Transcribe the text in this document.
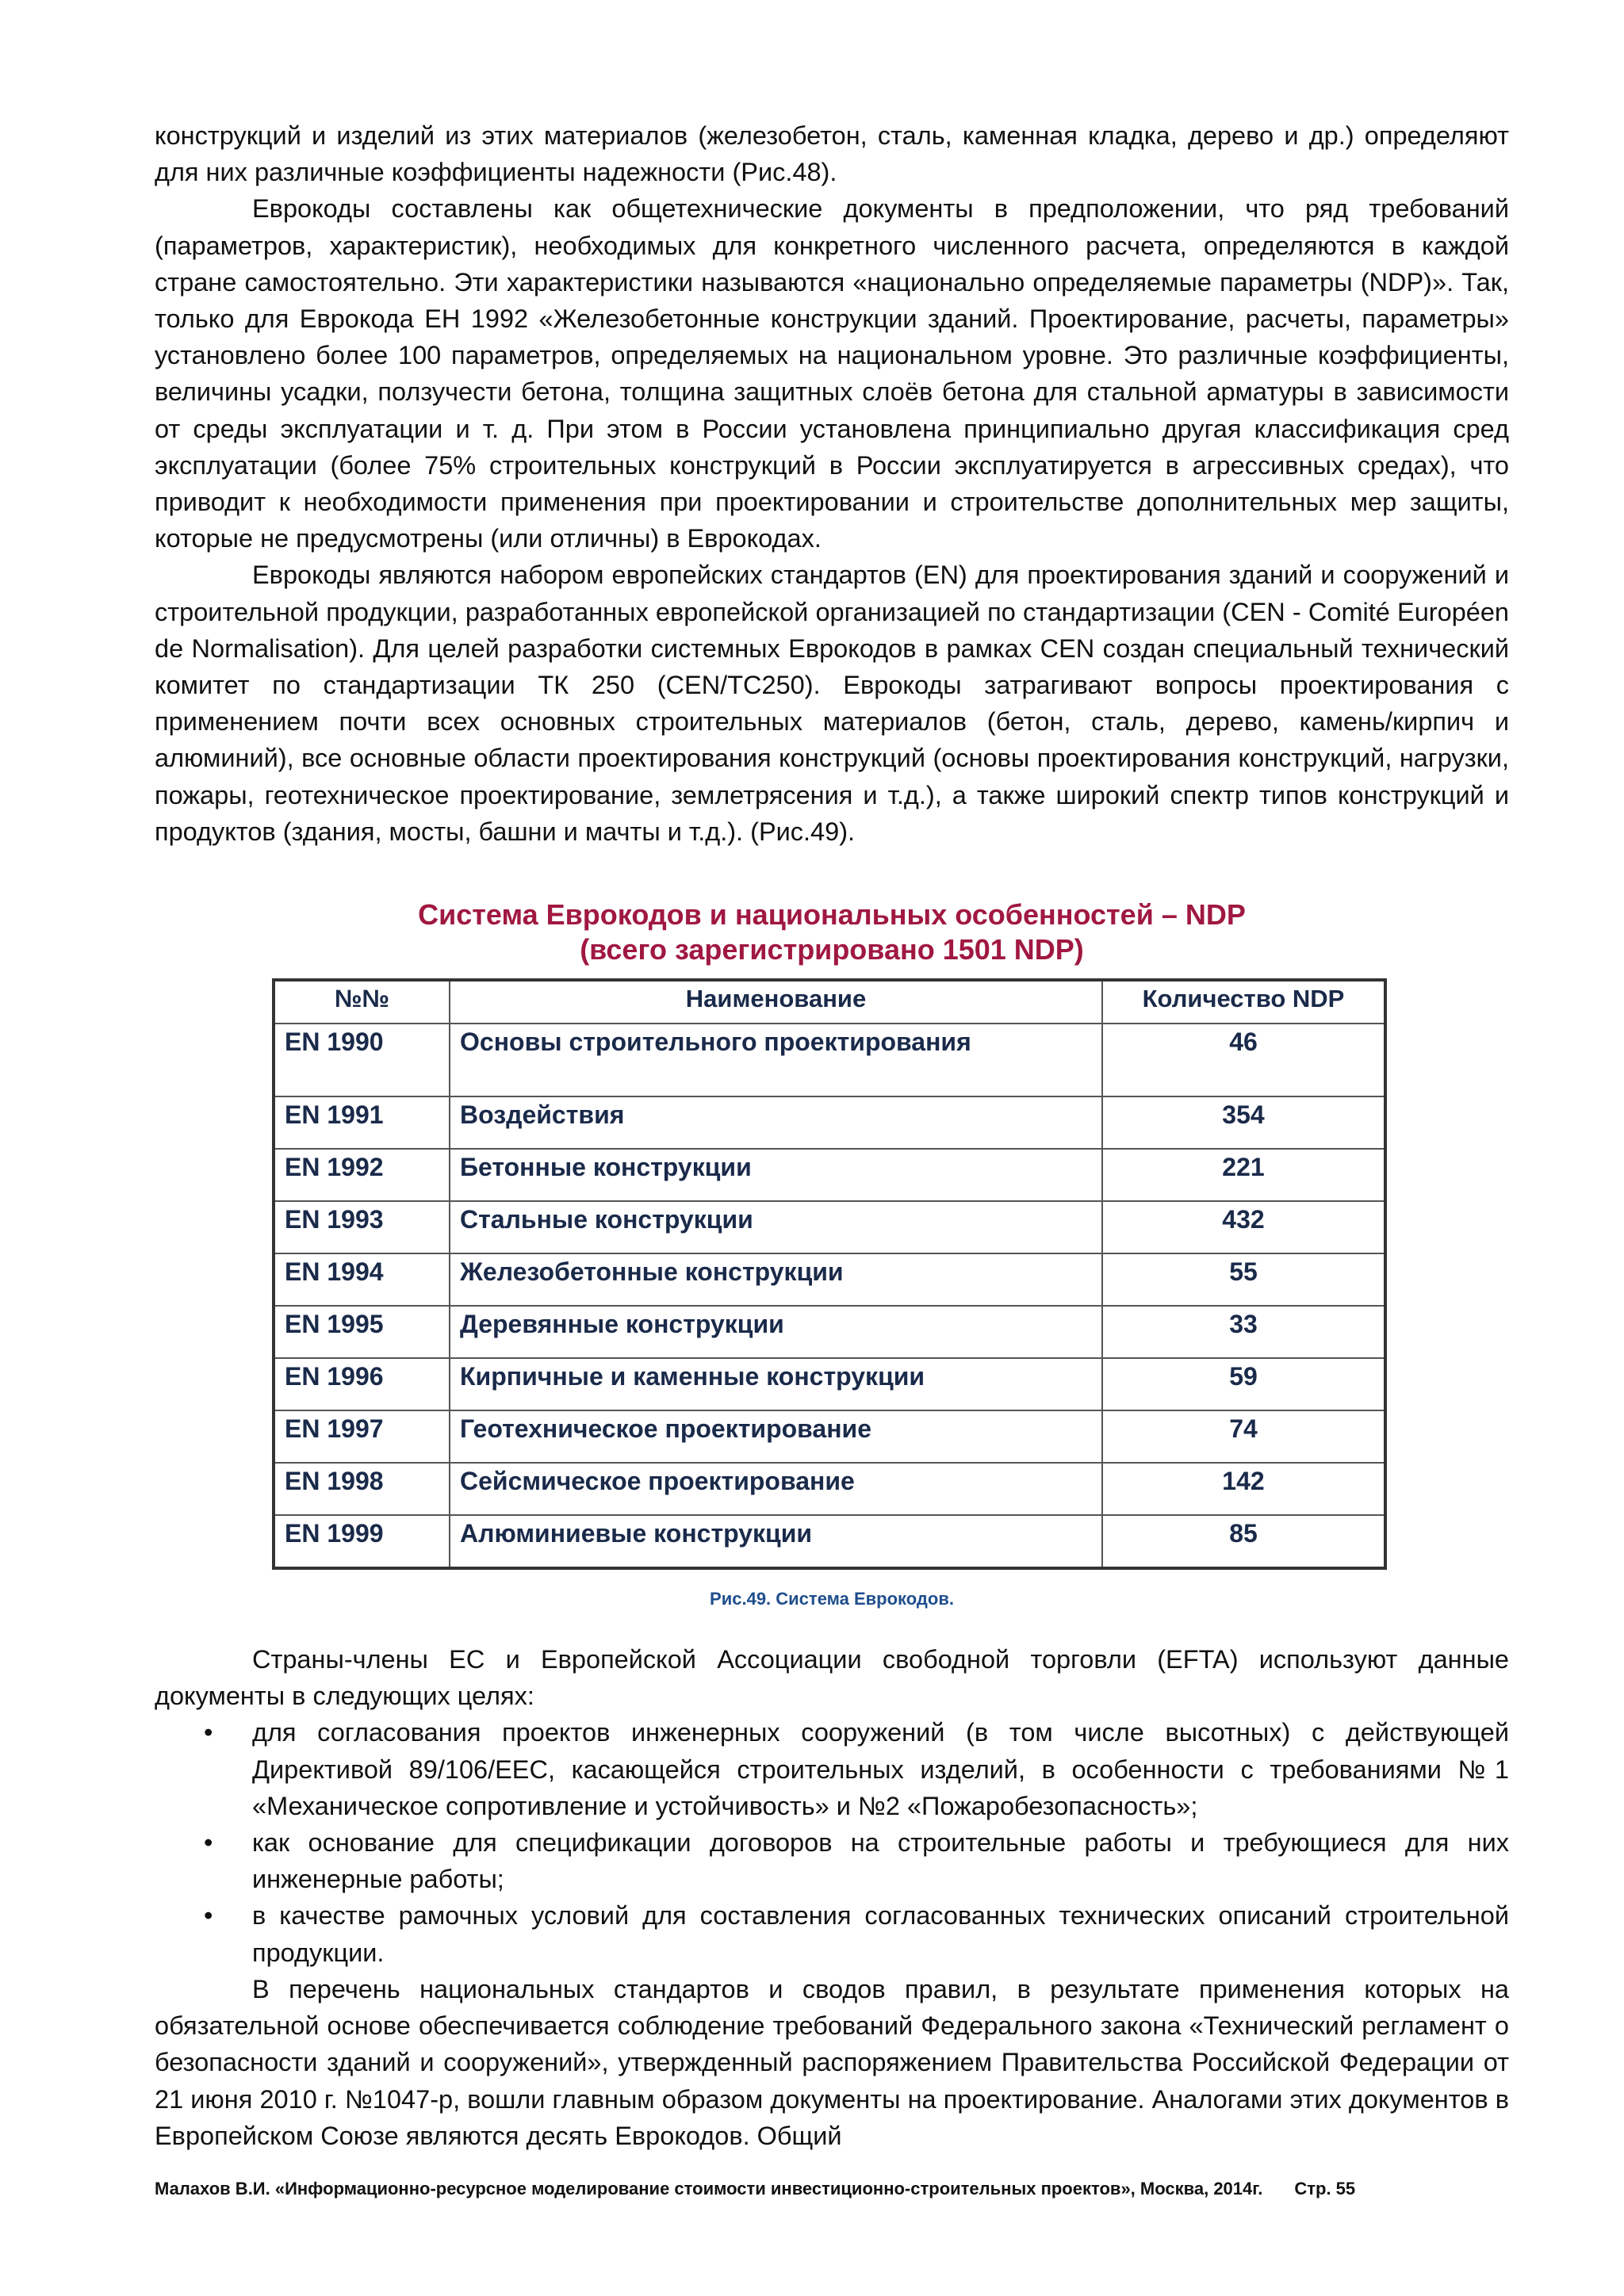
конструкций и изделий из этих материалов (железобетон, сталь, каменная кладка, дерево и др.) определяют для них различные коэффициенты надежности (Рис.48).

Еврокоды составлены как общетехнические документы в предположении, что ряд требований (параметров, характеристик), необходимых для конкретного численного расчета, определяются в каждой стране самостоятельно. Эти характеристики называются «национально определяемые параметры (NDP)». Так, только для Еврокода ЕН 1992 «Железобетонные конструкции зданий. Проектирование, расчеты, параметры» установлено более 100 параметров, определяемых на национальном уровне. Это различные коэффициенты, величины усадки, ползучести бетона, толщина защитных слоёв бетона для стальной арматуры в зависимости от среды эксплуатации и т. д. При этом в России установлена принципиально другая классификация сред эксплуатации (более 75% строительных конструкций в России эксплуатируется в агрессивных средах), что приводит к необходимости применения при проектировании и строительстве дополнительных мер защиты, которые не предусмотрены (или отличны) в Еврокодах.

Еврокоды являются набором европейских стандартов (EN) для проектирования зданий и сооружений и строительной продукции, разработанных европейской организацией по стандартизации (CEN - Comité Européen de Normalisation). Для целей разработки системных Еврокодов в рамках CEN создан специальный технический комитет по стандартизации ТК 250 (CEN/TC250). Еврокоды затрагивают вопросы проектирования с применением почти всех основных строительных материалов (бетон, сталь, дерево, камень/кирпич и алюминий), все основные области проектирования конструкций (основы проектирования конструкций, нагрузки, пожары, геотехническое проектирование, землетрясения и т.д.), а также широкий спектр типов конструкций и продуктов (здания, мосты, башни и мачты и т.д.). (Рис.49).

Система Еврокодов и национальных особенностей – NDP
(всего зарегистрировано 1501 NDP)
№№	Наименование	Количество NDP
EN 1990	Основы строительного проектирования	46
EN 1991	Воздействия	354
EN 1992	Бетонные конструкции	221
EN 1993	Стальные конструкции	432
EN 1994	Железобетонные конструкции	55
EN 1995	Деревянные конструкции	33
EN 1996	Кирпичные и каменные конструкции	59
EN 1997	Геотехническое проектирование	74
EN 1998	Сейсмическое проектирование	142
EN 1999	Алюминиевые конструкции	85
Рис.49. Система Еврокодов.

Страны-члены ЕС и Европейской Ассоциации свободной торговли (EFTA) используют данные документы в следующих целях:

• для согласования проектов инженерных сооружений (в том числе высотных) с действующей Директивой 89/106/ЕЕС, касающейся строительных изделий, в особенности с требованиями №1 «Механическое сопротивление и устойчивость» и №2 «Пожаробезопасность»;
• как основание для спецификации договоров на строительные работы и требующиеся для них инженерные работы;
• в качестве рамочных условий для составления согласованных технических описаний строительной продукции.

В перечень национальных стандартов и сводов правил, в результате применения которых на обязательной основе обеспечивается соблюдение требований Федерального закона «Технический регламент о безопасности зданий и сооружений», утвержденный распоряжением Правительства Российской Федерации от 21 июня 2010 г. №1047-р, вошли главным образом документы на проектирование. Аналогами этих документов в Европейском Союзе являются десять Еврокодов. Общий

Малахов В.И. «Информационно-ресурсное моделирование стоимости инвестиционно-строительных проектов», Москва, 2014г. Стр. 55
